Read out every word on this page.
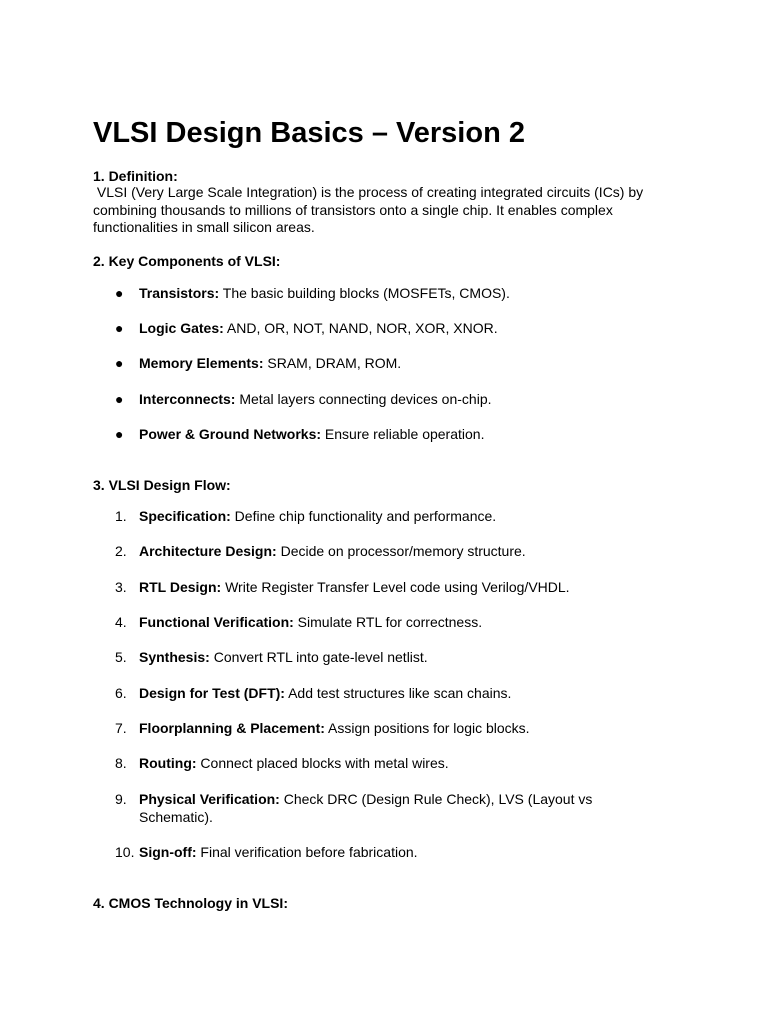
VLSI Design Basics – Version 2
1. Definition:

VLSI (Very Large Scale Integration) is the process of creating integrated circuits (ICs) by combining thousands to millions of transistors onto a single chip. It enables complex functionalities in small silicon areas.

2. Key Components of VLSI:
● Transistors: The basic building blocks (MOSFETs, CMOS).
● Logic Gates: AND, OR, NOT, NAND, NOR, XOR, XNOR.
● Memory Elements: SRAM, DRAM, ROM.
● Interconnects: Metal layers connecting devices on-chip.
● Power & Ground Networks: Ensure reliable operation.
3. VLSI Design Flow:
1. Specification: Define chip functionality and performance.
2. Architecture Design: Decide on processor/memory structure.
3. RTL Design: Write Register Transfer Level code using Verilog/VHDL.
4. Functional Verification: Simulate RTL for correctness.
5. Synthesis: Convert RTL into gate-level netlist.
6. Design for Test (DFT): Add test structures like scan chains.
7. Floorplanning & Placement: Assign positions for logic blocks.
8. Routing: Connect placed blocks with metal wires.
9. Physical Verification: Check DRC (Design Rule Check), LVS (Layout vs Schematic).
10. Sign-off: Final verification before fabrication.
4. CMOS Technology in VLSI:
